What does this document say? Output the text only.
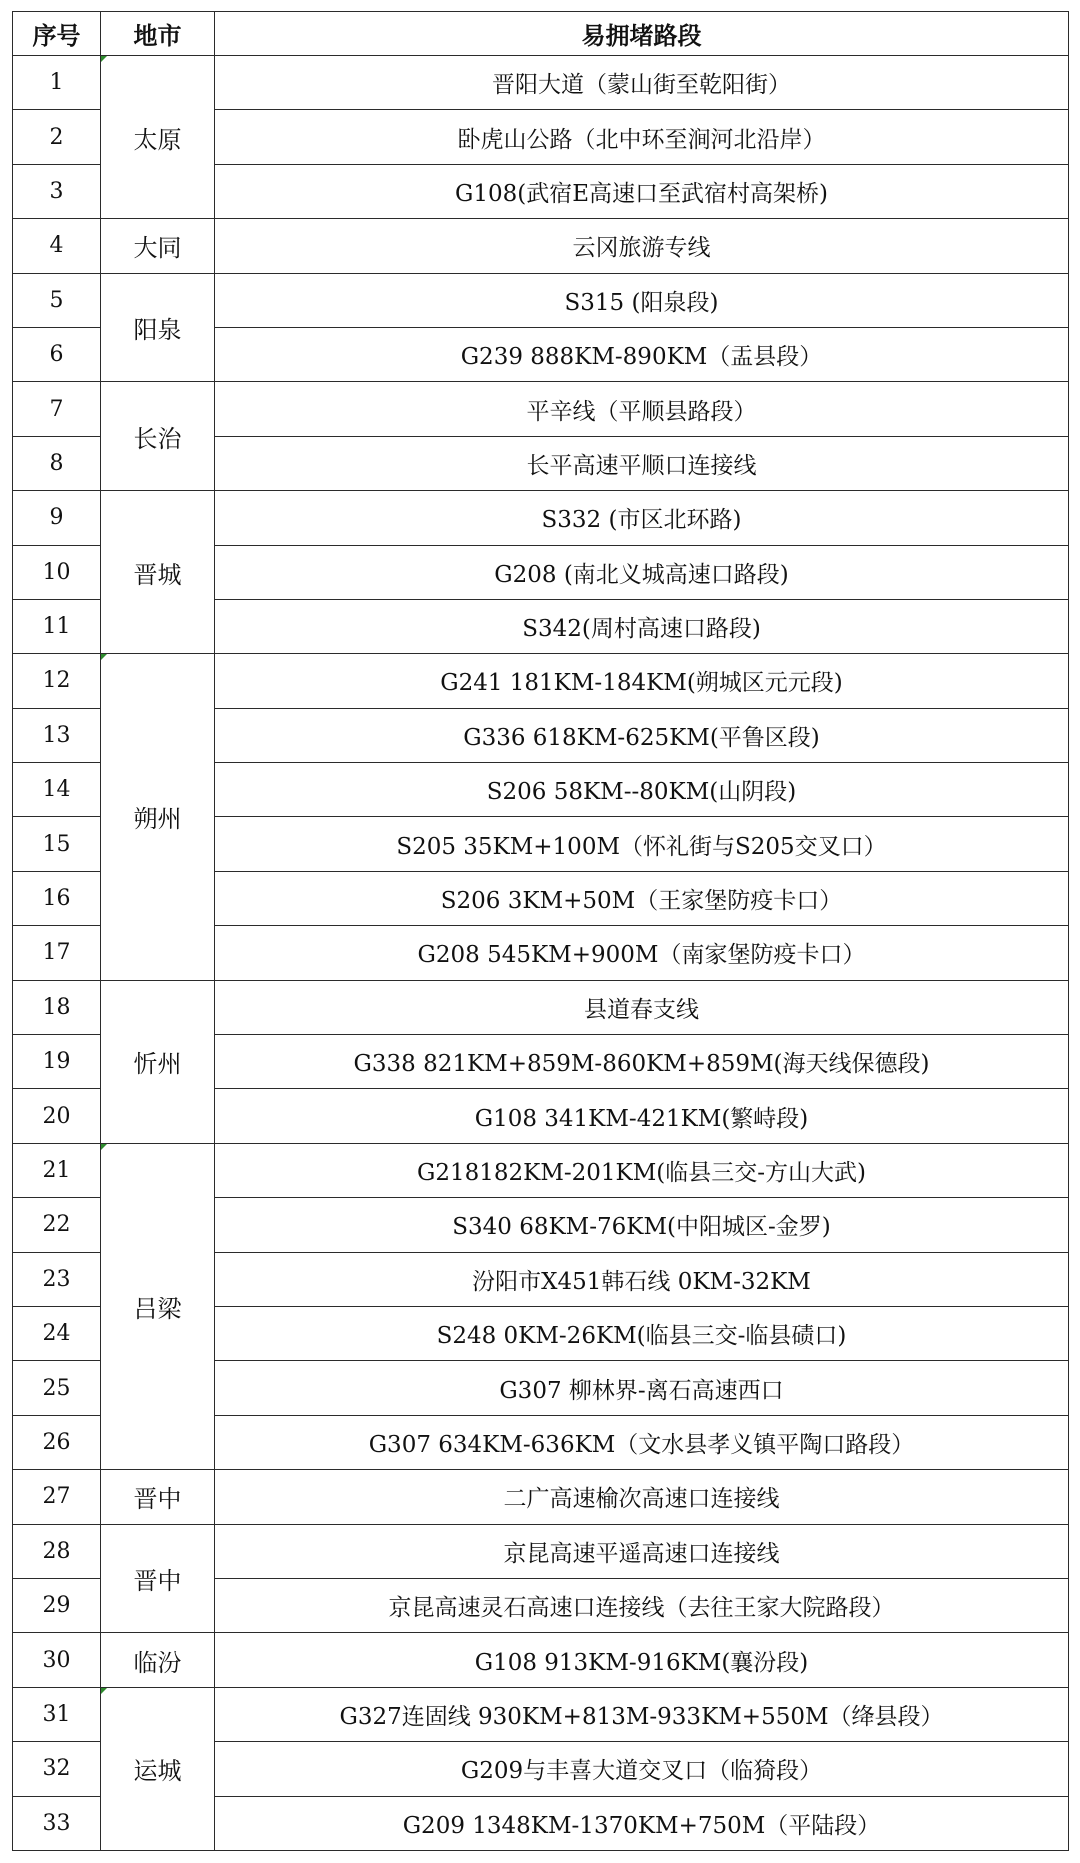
序号	地市	易拥堵路段
1	太原	晋阳大道（蒙山街至乾阳街）
2		卧虎山公路（北中环至涧河北沿岸）
3		G108(武宿E高速口至武宿村高架桥)
4	大同	云冈旅游专线
5	阳泉	S315 (阳泉段)
6		G239 888KM-890KM（盂县段）
7	长治	平辛线（平顺县路段）
8		长平高速平顺口连接线
9	晋城	S332 (市区北环路)
10		G208 (南北义城高速口路段)
11		S342(周村高速口路段)
12	朔州	G241 181KM-184KM(朔城区元元段)
13		G336 618KM-625KM(平鲁区段)
14		S206 58KM--80KM(山阴段)
15		S205 35KM+100M（怀礼街与S205交叉口）
16		S206 3KM+50M（王家堡防疫卡口）
17		G208 545KM+900M（南家堡防疫卡口）
18	忻州	县道春支线
19		G338 821KM+859M-860KM+859M(海天线保德段)
20		G108 341KM-421KM(繁峙段)
21	吕梁	G218182KM-201KM(临县三交-方山大武)
22		S340 68KM-76KM(中阳城区-金罗)
23		汾阳市X451韩石线 0KM-32KM
24		S248 0KM-26KM(临县三交-临县碛口)
25		G307 柳林界-离石高速西口
26		G307 634KM-636KM（文水县孝义镇平陶口路段）
27	晋中	二广高速榆次高速口连接线
28	晋中	京昆高速平遥高速口连接线
29		京昆高速灵石高速口连接线（去往王家大院路段）
30	临汾	G108 913KM-916KM(襄汾段)
31	运城	G327连固线 930KM+813M-933KM+550M（绛县段）
32		G209与丰喜大道交叉口（临猗段）
33		G209 1348KM-1370KM+750M（平陆段）
